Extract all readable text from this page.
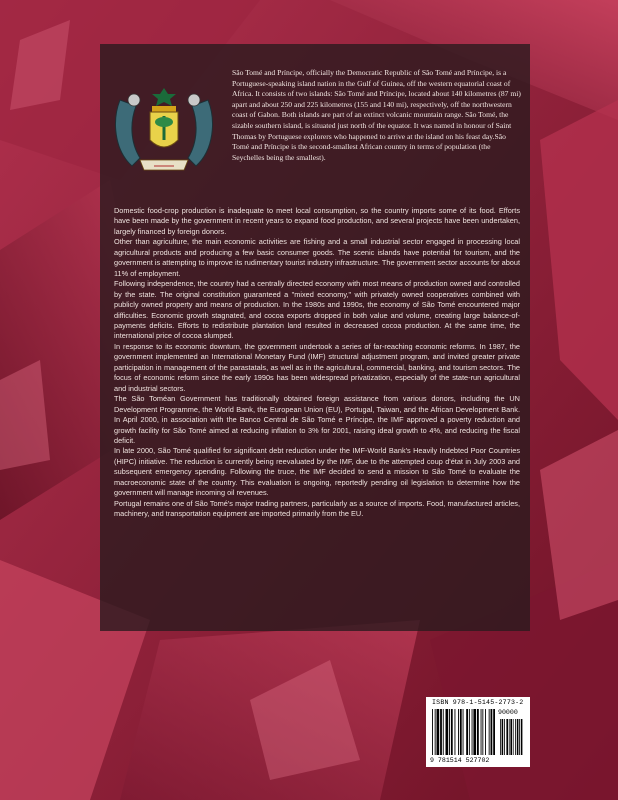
São Tomé and Príncipe, officially the Democratic Republic of São Tomé and Príncipe, is a Portuguese-speaking island nation in the Gulf of Guinea, off the western equatorial coast of Africa. It consists of two islands: São Tomé and Príncipe, located about 140 kilometres (87 mi) apart and about 250 and 225 kilometres (155 and 140 mi), respectively, off the northwestern coast of Gabon. Both islands are part of an extinct volcanic mountain range. São Tomé, the sizable southern island, is situated just north of the equator. It was named in honour of Saint Thomas by Portuguese explorers who happened to arrive at the island on his feast day.São Tomé and Príncipe is the second-smallest African country in terms of population (the Seychelles being the smallest).

Domestic food-crop production is inadequate to meet local consumption, so the country imports some of its food. Efforts have been made by the government in recent years to expand food production, and several projects have been undertaken, largely financed by foreign donors.

Other than agriculture, the main economic activities are fishing and a small industrial sector engaged in processing local agricultural products and producing a few basic consumer goods. The scenic islands have potential for tourism, and the government is attempting to improve its rudimentary tourist industry infrastructure. The government sector accounts for about 11% of employment.

Following independence, the country had a centrally directed economy with most means of production owned and controlled by the state. The original constitution guaranteed a "mixed economy," with privately owned cooperatives combined with publicly owned property and means of production. In the 1980s and 1990s, the economy of São Tomé encountered major difficulties. Economic growth stagnated, and cocoa exports dropped in both value and volume, creating large balance-of-payments deficits. Efforts to redistribute plantation land resulted in decreased cocoa production. At the same time, the international price of cocoa slumped.

In response to its economic downturn, the government undertook a series of far-reaching economic reforms. In 1987, the government implemented an International Monetary Fund (IMF) structural adjustment program, and invited greater private participation in management of the parastatals, as well as in the agricultural, commercial, banking, and tourism sectors. The focus of economic reform since the early 1990s has been widespread privatization, especially of the state-run agricultural and industrial sectors.

The São Toméan Government has traditionally obtained foreign assistance from various donors, including the UN Development Programme, the World Bank, the European Union (EU), Portugal, Taiwan, and the African Development Bank. In April 2000, in association with the Banco Central de São Tomé e Príncipe, the IMF approved a poverty reduction and growth facility for São Tomé aimed at reducing inflation to 3% for 2001, raising ideal growth to 4%, and reducing the fiscal deficit.

In late 2000, São Tomé qualified for significant debt reduction under the IMF-World Bank's Heavily Indebted Poor Countries (HIPC) initiative. The reduction is currently being reevaluated by the IMF, due to the attempted coup d'état in July 2003 and subsequent emergency spending. Following the truce, the IMF decided to send a mission to São Tomé to evaluate the macroeconomic state of the country. This evaluation is ongoing, reportedly pending oil legislation to determine how the government will manage incoming oil revenues.

Portugal remains one of São Tomé's major trading partners, particularly as a source of imports. Food, manufactured articles, machinery, and transportation equipment are imported primarily from the EU.

ISBN 978-1-5145-2773-2
90000
9 781514 527702
